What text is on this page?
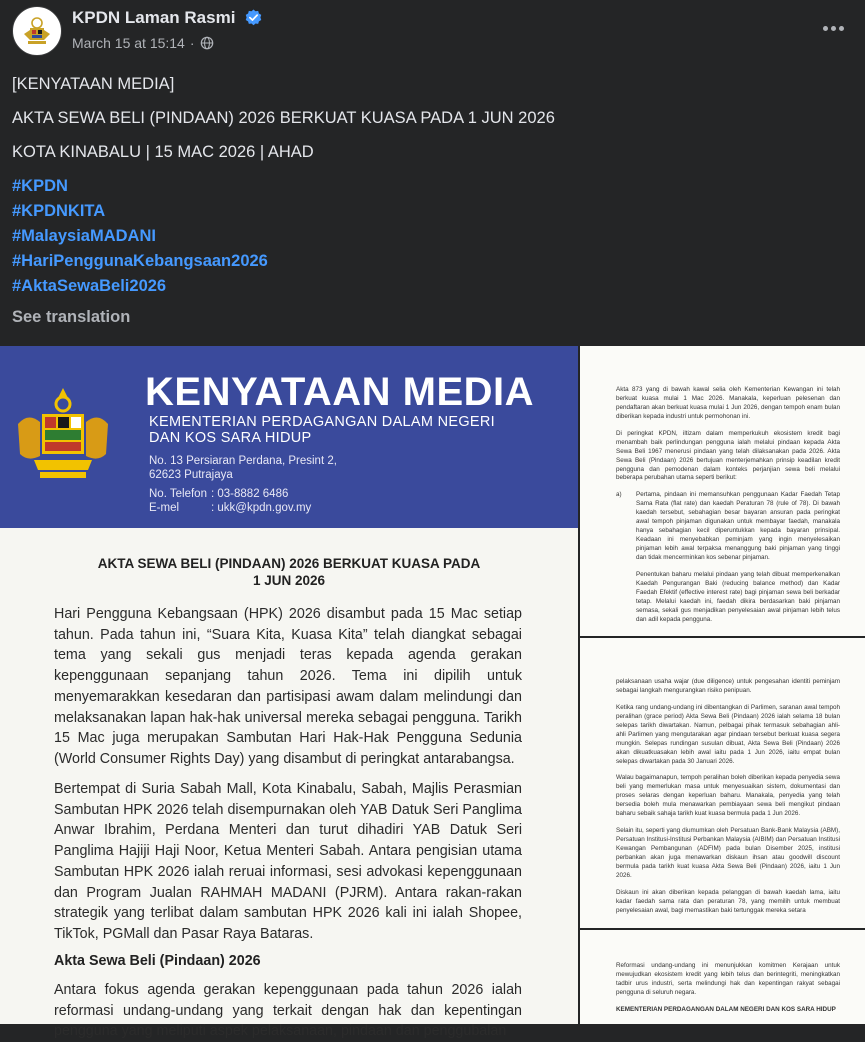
KPDN Laman Rasmi
March 15 at 15:14 ·
[KENYATAAN MEDIA]
AKTA SEWA BELI (PINDAAN) 2026 BERKUAT KUASA PADA 1 JUN 2026
KOTA KINABALU | 15 MAC 2026 | AHAD
#KPDN
#KPDNKITA
#MalaysiaMADANI
#HariPenggunaKebangsaan2026
#AktaSewaBeli2026
See translation
KENYATAAN MEDIA
KEMENTERIAN PERDAGANGAN DALAM NEGERI
DAN KOS SARA HIDUP
No. 13 Persiaran Perdana, Presint 2,
62623 Putrajaya
No. Telefon : 03-8882 6486
E-mel	: ukk@kpdn.gov.my
AKTA SEWA BELI (PINDAAN) 2026 BERKUAT KUASA PADA
1 JUN 2026
Hari Pengguna Kebangsaan (HPK) 2026 disambut pada 15 Mac setiap tahun. Pada tahun ini, “Suara Kita, Kuasa Kita” telah diangkat sebagai tema yang sekali gus menjadi teras kepada agenda gerakan kepenggunaan sepanjang tahun 2026. Tema ini dipilih untuk menyemarakkan kesedaran dan partisipasi awam dalam melindungi dan melaksanakan lapan hak-hak universal mereka sebagai pengguna. Tarikh 15 Mac juga merupakan Sambutan Hari Hak-Hak Pengguna Sedunia (World Consumer Rights Day) yang disambut di peringkat antarabangsa.
Bertempat di Suria Sabah Mall, Kota Kinabalu, Sabah, Majlis Perasmian Sambutan HPK 2026 telah disempurnakan oleh YAB Datuk Seri Panglima Anwar Ibrahim, Perdana Menteri dan turut dihadiri YAB Datuk Seri Panglima Hajiji Haji Noor, Ketua Menteri Sabah. Antara pengisian utama Sambutan HPK 2026 ialah reruai informasi, sesi advokasi kepenggunaan dan Program Jualan RAHMAH MADANI (PJRM). Antara rakan-rakan strategik yang terlibat dalam sambutan HPK 2026 kali ini ialah Shopee, TikTok, PGMall dan Pasar Raya Bataras.
Akta Sewa Beli (Pindaan) 2026
Antara fokus agenda gerakan kepenggunaan pada tahun 2026 ialah reformasi undang-undang yang terkait dengan hak dan kepentingan pengguna yang meliputi aspek pelaksanaan, pindaan dan penggubalan

Akta 873 yang di bawah kawal selia oleh Kementerian Kewangan ini telah berkuat kuasa mulai 1 Mac 2026. Manakala, keperluan pelesenan dan pendaftaran akan berkuat kuasa mulai 1 Jun 2026, dengan tempoh enam bulan diberikan kepada industri untuk permohonan ini.

Di peringkat KPDN, iltizam dalam memperkukuh ekosistem kredit bagi menambah baik perlindungan pengguna ialah melalui pindaan kepada Akta Sewa Beli 1967 menerusi pindaan yang telah dilaksanakan pada 2026. Akta Sewa Beli (Pindaan) 2026 bertujuan menterjemahkan prinsip keadilan kredit pengguna dan pemodenan dalam konteks perjanjian sewa beli melalui beberapa perubahan utama seperti berikut:

a)	Pertama, pindaan ini memansuhkan penggunaan Kadar Faedah Tetap Sama Rata (flat rate) dan kaedah Peraturan 78 (rule of 78). Di bawah kaedah tersebut, sebahagian besar bayaran ansuran pada peringkat awal tempoh pinjaman digunakan untuk membayar faedah, manakala hanya sebahagian kecil diperuntukkan kepada bayaran prinsipal. Keadaan ini menyebabkan peminjam yang ingin menyelesaikan pinjaman lebih awal terpaksa menanggung baki pinjaman yang tinggi dan tidak mencerminkan kos sebenar pinjaman.

Penentukan baharu melalui pindaan yang telah dibuat memperkenalkan Kaedah Pengurangan Baki (reducing balance method) dan Kadar Faedah Efektif (effective interest rate) bagi pinjaman sewa beli berkadar tetap. Melalui kaedah ini, faedah dikira berdasarkan baki pinjaman semasa, sekali gus menjadikan penyelesaian awal pinjaman lebih telus dan adil kepada pengguna.

pelaksanaan usaha wajar (due diligence) untuk pengesahan identiti peminjam sebagai langkah mengurangkan risiko penipuan.

Ketika rang undang-undang ini dibentangkan di Parlimen, saranan awal tempoh peralihan (grace period) Akta Sewa Beli (Pindaan) 2026 ialah selama 18 bulan selepas tarikh diwartakan. Namun, pelbagai pihak termasuk sebahagian ahli-ahli Parlimen yang mengutarakan agar pindaan tersebut berkuat kuasa segera mungkin. Selepas rundingan susulan dibuat, Akta Sewa Beli (Pindaan) 2026 akan dikuatkuasakan lebih awal iaitu pada 1 Jun 2026, iaitu empat bulan selepas diwartakan pada 30 Januari 2026.

Walau bagaimanapun, tempoh peralihan boleh diberikan kepada penyedia sewa beli yang memerlukan masa untuk menyesuaikan sistem, dokumentasi dan proses selaras dengan keperluan baharu. Manakala, penyedia yang telah bersedia boleh mula menawarkan pembiayaan sewa beli mengikut pindaan baharu sebaik sahaja tarikh kuat kuasa bermula pada 1 Jun 2026.

Selain itu, seperti yang diumumkan oleh Persatuan Bank-Bank Malaysia (ABM), Persatuan Institusi-Institusi Perbankan Malaysia (AIBIM) dan Persatuan Institusi Kewangan Pembangunan (ADFIM) pada bulan Disember 2025, institusi perbankan akan juga menawarkan diskaun ihsan atau goodwill discount bermula pada tarikh kuat kuasa Akta Sewa Beli (Pindaan) 2026, iaitu 1 Jun 2026.

Diskaun ini akan diberikan kepada pelanggan di bawah kaedah lama, iaitu kadar faedah sama rata dan peraturan 78, yang memilih untuk membuat penyelesaian awal, bagi memastikan baki tertunggak mereka setara

Reformasi undang-undang ini menunjukkan komitmen Kerajaan untuk mewujudkan ekosistem kredit yang lebih telus dan berintegriti, meningkatkan tadbir urus industri, serta melindungi hak dan kepentingan rakyat sebagai pengguna di seluruh negara.

KEMENTERIAN PERDAGANGAN DALAM NEGERI DAN KOS SARA HIDUP
